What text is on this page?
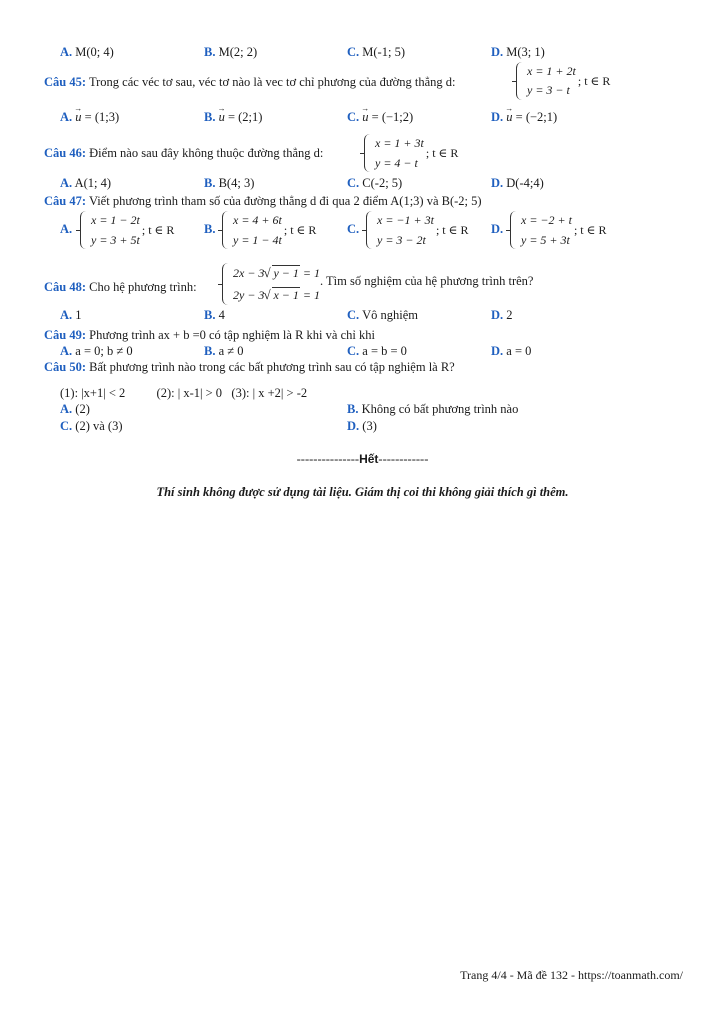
A. M(0; 4)	B. M(2; 2)	C. M(-1; 5)	D. M(3; 1)
Câu 45: Trong các véc tơ sau, véc tơ nào là vec tơ chỉ phương của đường thẳng d:
x = 1 + 2t
y = 3 − t
; t ∈ R
A. → u = (1;3)	B. → u = (2;1)	C. → u = (−1;2)	D. → u = (−2;1)
Câu 46: Điểm nào sau đây không thuộc đường thẳng d:
x = 1 + 3t
y = 4 − t
; t ∈ R
A. A(1; 4)	B. B(4; 3)	C. C(-2; 5)	D. D(-4;4)
Câu 47: Viết phương trình tham số của đường thẳng d đi qua 2 điểm A(1;3) và B(-2; 5)
A.
x = 1 − 2t
y = 3 + 5t
; t ∈ R B.
x = 4 + 6t
y = 1 − 4t
; t ∈ R C.
x = −1 + 3t
y = 3 − 2t
; t ∈ R D.
x = −2 + t
y = 5 + 3t
; t ∈ R
Câu 48: Cho hệ phương trình:
2x − 3 √ y − 1 = 1
2y − 3 √ x − 1 = 1
. Tìm số nghiệm của hệ phương trình trên?
A. 1	B. 4	C. Vô nghiệm	D. 2
Câu 49: Phương trình ax + b =0 có tập nghiệm là R khi và chỉ khi
A. a = 0; b ≠ 0	B. a ≠ 0	C. a = b = 0	D. a = 0
Câu 50: Bất phương trình nào trong các bất phương trình sau có tập nghiệm là R?
(1): |x+1| < 2          (2): | x-1| > 0   (3): | x +2| > -2
A. (2)	B. Không có bất phương trình nào
C. (2) và (3)	D. (3)
---------------Hết------------
Thí sinh không được sử dụng tài liệu. Giám thị coi thi không giải thích gì thêm.
Trang 4/4 - Mã đề 132 - https://toanmath.com/
